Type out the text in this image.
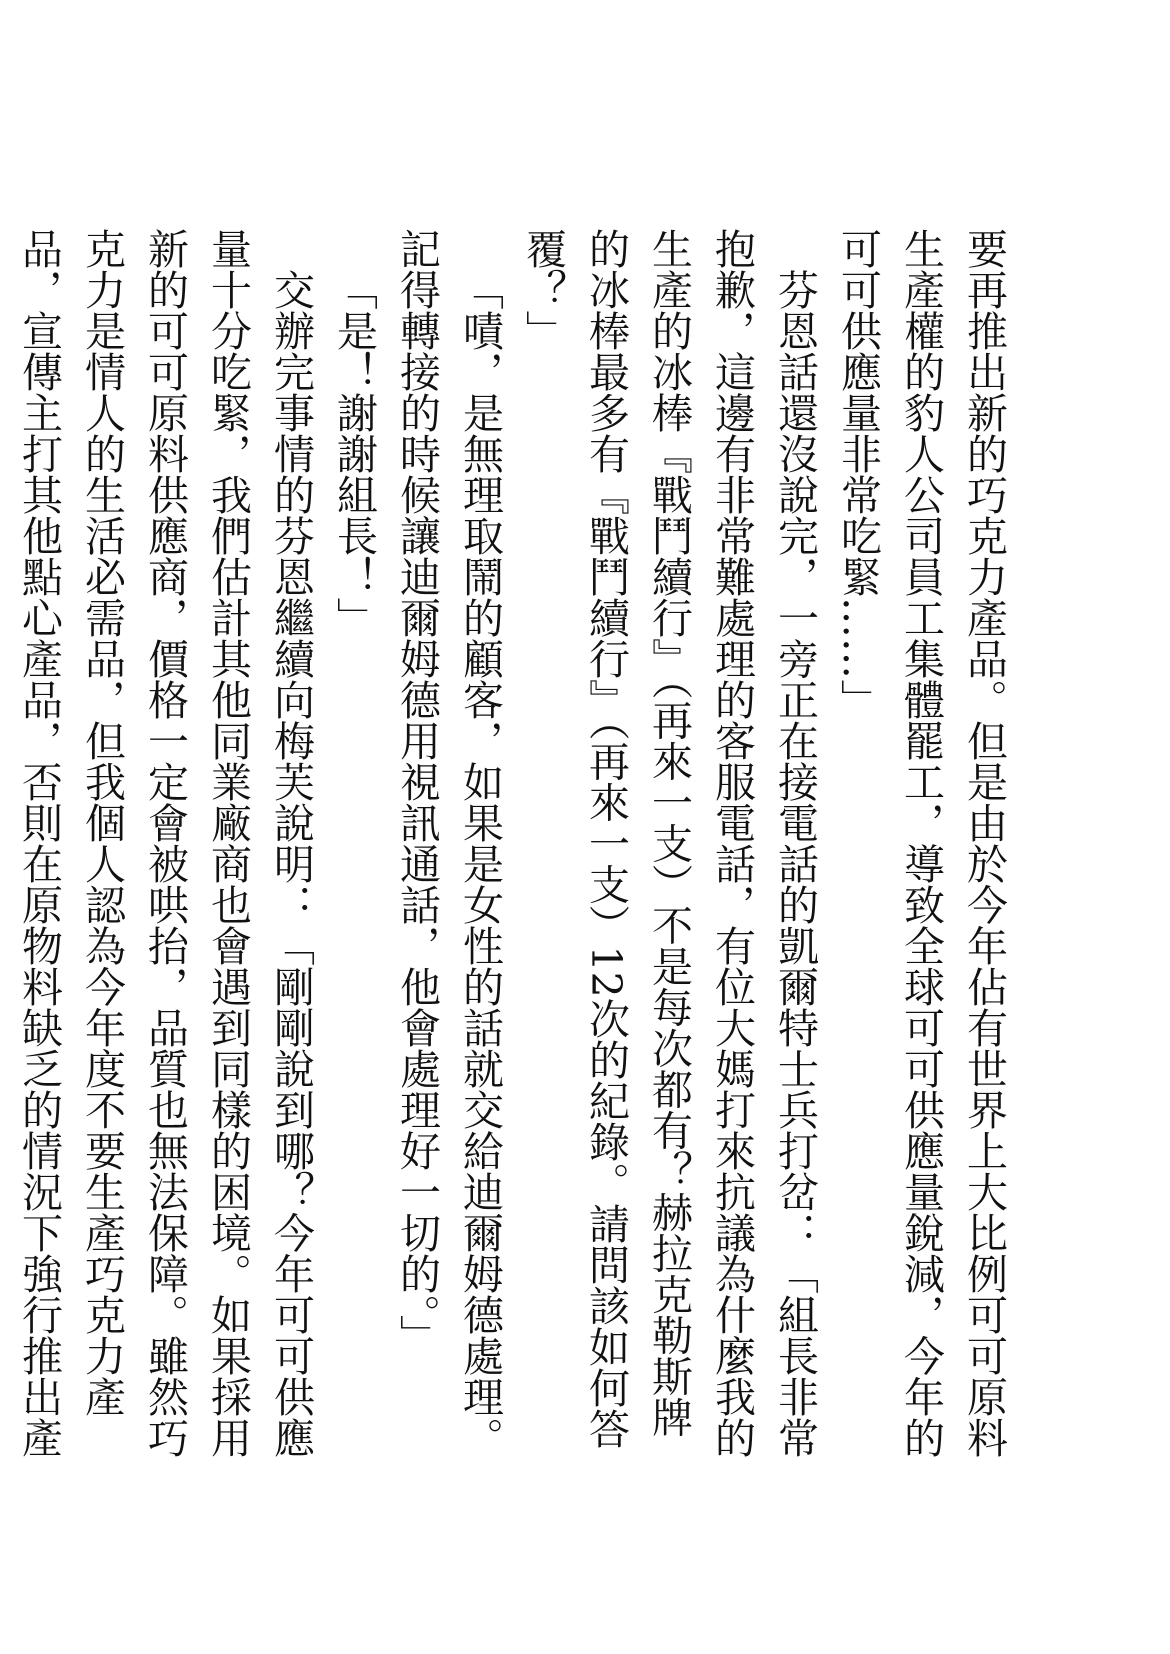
要再推出新的巧克力產品。但是由於今年佔有世界上大比例可可原料生產權的豹人公司員工集體罷工，導致全球可可供應量銳減，今年的可可供應量非常吃緊……」

芬恩話還沒說完，一旁正在接電話的凱爾特士兵打岔：「組長非常抱歉，這邊有非常難處理的客服電話，有位大媽打來抗議為什麼我的生產的冰棒『戰鬥續行』（再來一支）不是每次都有？赫拉克勒斯牌的冰棒最多有『戰鬥續行』（再來一支）12次的紀錄。請問該如何答覆？」

「嘖，是無理取鬧的顧客，如果是女性的話就交給迪爾姆德處理。記得轉接的時候讓迪爾姆德用視訊通話，他會處理好一切的。」

「是！謝謝組長！」

交辦完事情的芬恩繼續向梅芙說明：「剛剛說到哪？今年可可供應量十分吃緊，我們估計其他同業廠商也會遇到同樣的困境。如果採用新的可可原料供應商，價格一定會被哄抬，品質也無法保障。雖然巧克力是情人的生活必需品，但我個人認為今年度不要生產巧克力產品，宣傳主打其他點心產品，否則在原物料缺乏的情況下強行推出產
